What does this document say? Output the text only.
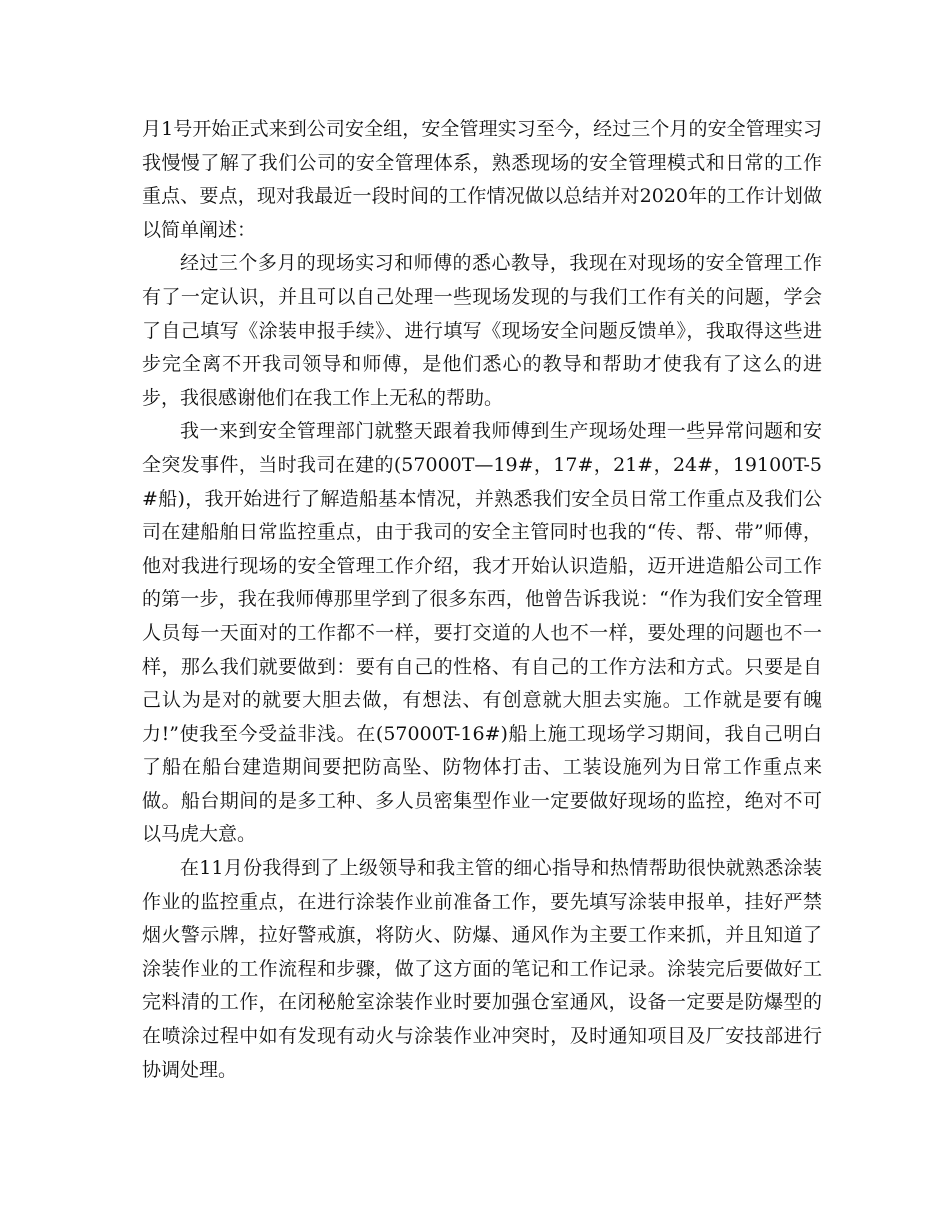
月1号开始正式来到公司安全组，安全管理实习至今，经过三个月的安全管理实习我慢慢了解了我们公司的安全管理体系，熟悉现场的安全管理模式和日常的工作重点、要点，现对我最近一段时间的工作情况做以总结并对2020年的工作计划做以简单阐述：

经过三个多月的现场实习和师傅的悉心教导，我现在对现场的安全管理工作有了一定认识，并且可以自己处理一些现场发现的与我们工作有关的问题，学会了自己填写《涂装申报手续》、进行填写《现场安全问题反馈单》，我取得这些进步完全离不开我司领导和师傅，是他们悉心的教导和帮助才使我有了这么的进步，我很感谢他们在我工作上无私的帮助。

我一来到安全管理部门就整天跟着我师傅到生产现场处理一些异常问题和安全突发事件，当时我司在建的(57000T—19#，17#，21#，24#，19100T-5#船)，我开始进行了解造船基本情况，并熟悉我们安全员日常工作重点及我们公司在建船舶日常监控重点，由于我司的安全主管同时也我的“传、帮、带”师傅，他对我进行现场的安全管理工作介绍，我才开始认识造船，迈开进造船公司工作的第一步，我在我师傅那里学到了很多东西，他曾告诉我说：“作为我们安全管理人员每一天面对的工作都不一样，要打交道的人也不一样，要处理的问题也不一样，那么我们就要做到：要有自己的性格、有自己的工作方法和方式。只要是自己认为是对的就要大胆去做，有想法、有创意就大胆去实施。工作就是要有魄力!”使我至今受益非浅。在(57000T-16#)船上施工现场学习期间，我自己明白了船在船台建造期间要把防高坠、防物体打击、工装设施列为日常工作重点来做。船台期间的是多工种、多人员密集型作业一定要做好现场的监控，绝对不可以马虎大意。

在11月份我得到了上级领导和我主管的细心指导和热情帮助很快就熟悉涂装作业的监控重点，在进行涂装作业前准备工作，要先填写涂装申报单，挂好严禁烟火警示牌，拉好警戒旗，将防火、防爆、通风作为主要工作来抓，并且知道了涂装作业的工作流程和步骤，做了这方面的笔记和工作记录。涂装完后要做好工完料清的工作，在闭秘舱室涂装作业时要加强仓室通风，设备一定要是防爆型的在喷涂过程中如有发现有动火与涂装作业冲突时，及时通知项目及厂安技部进行协调处理。
